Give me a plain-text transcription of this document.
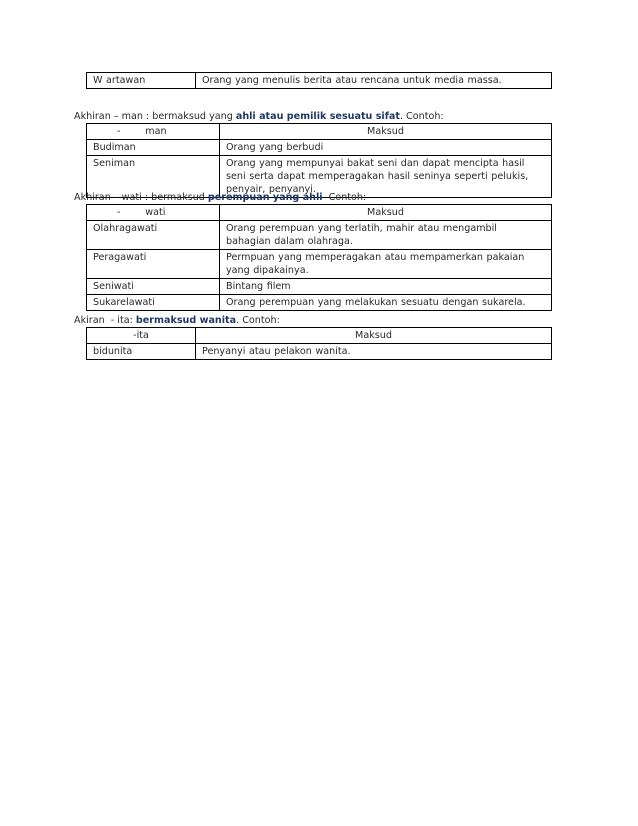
W artawan	Orang yang menulis berita atau rencana untuk media massa.
Akhiran – man : bermaksud yang ahli atau pemilik sesuatu sifat. Contoh:
-       man	Maksud
Budiman	Orang yang berbudi
Seniman	Orang yang mempunyai bakat seni dan dapat mencipta hasil seni serta dapat memperagakan hasil seninya seperti pelukis, penyair, penyanyi.
Akhiran – wati : bermaksud perempuan yang ahli  Contoh:
-       wati	Maksud
Olahragawati	Orang perempuan yang terlatih, mahir atau mengambil bahagian dalam olahraga.
Peragawati	Permpuan yang memperagakan atau mempamerkan pakaian yang dipakainya.
Seniwati	Bintang filem
Sukarelawati	Orang perempuan yang melakukan sesuatu dengan sukarela.
Akiran  - ita: bermaksud wanita. Contoh:
-ita	Maksud
bidunita	Penyanyi atau pelakon wanita.
